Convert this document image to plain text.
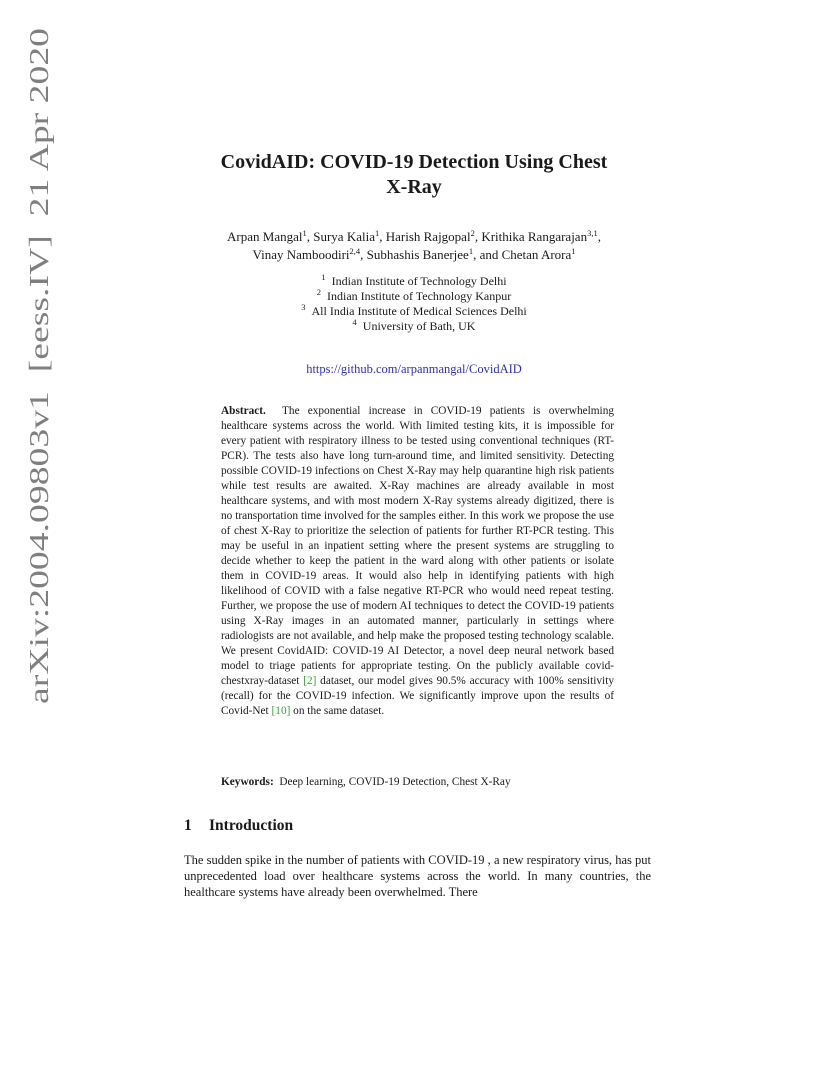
arXiv:2004.09803v1  [eess.IV]  21 Apr 2020
CovidAID: COVID-19 Detection Using Chest
X-Ray
Arpan Mangal$^1$, Surya Kalia$^1$, Harish Rajgopal$^2$, Krithika Rangarajan$^{3,1}$,
Vinay Namboodiri$^{2,4}$, Subhashis Banerjee$^1$, and Chetan Arora$^1$
$^1$ Indian Institute of Technology Delhi
$^2$ Indian Institute of Technology Kanpur
$^3$ All India Institute of Medical Sciences Delhi
$^4$ University of Bath, UK
https://github.com/arpanmangal/CovidAID

Abstract. The exponential increase in COVID-19 patients is overwhelming healthcare systems across the world. With limited testing kits, it is impossible for every patient with respiratory illness to be tested using conventional techniques (RT-PCR). The tests also have long turn-around time, and limited sensitivity. Detecting possible COVID-19 infections on Chest X-Ray may help quarantine high risk patients while test results are awaited. X-Ray machines are already available in most healthcare systems, and with most modern X-Ray systems already digitized, there is no transportation time involved for the samples either. In this work we propose the use of chest X-Ray to prioritize the selection of patients for further RT-PCR testing. This may be useful in an inpatient setting where the present systems are struggling to decide whether to keep the patient in the ward along with other patients or isolate them in COVID-19 areas. It would also help in identifying patients with high likelihood of COVID with a false negative RT-PCR who would need repeat testing. Further, we propose the use of modern AI techniques to detect the COVID-19 patients using X-Ray images in an automated manner, particularly in settings where radiologists are not available, and help make the proposed testing technology scalable. We present CovidAID: COVID-19 AI Detector, a novel deep neural network based model to triage patients for appropriate testing. On the publicly available covid-chestxray-dataset [2] dataset, our model gives 90.5% accuracy with 100% sensitivity (recall) for the COVID-19 infection. We significantly improve upon the results of Covid-Net [10] on the same dataset.

Keywords: Deep learning, COVID-19 Detection, Chest X-Ray
1 Introduction

The sudden spike in the number of patients with COVID-19 , a new respiratory virus, has put unprecedented load over healthcare systems across the world. In many countries, the healthcare systems have already been overwhelmed. There
